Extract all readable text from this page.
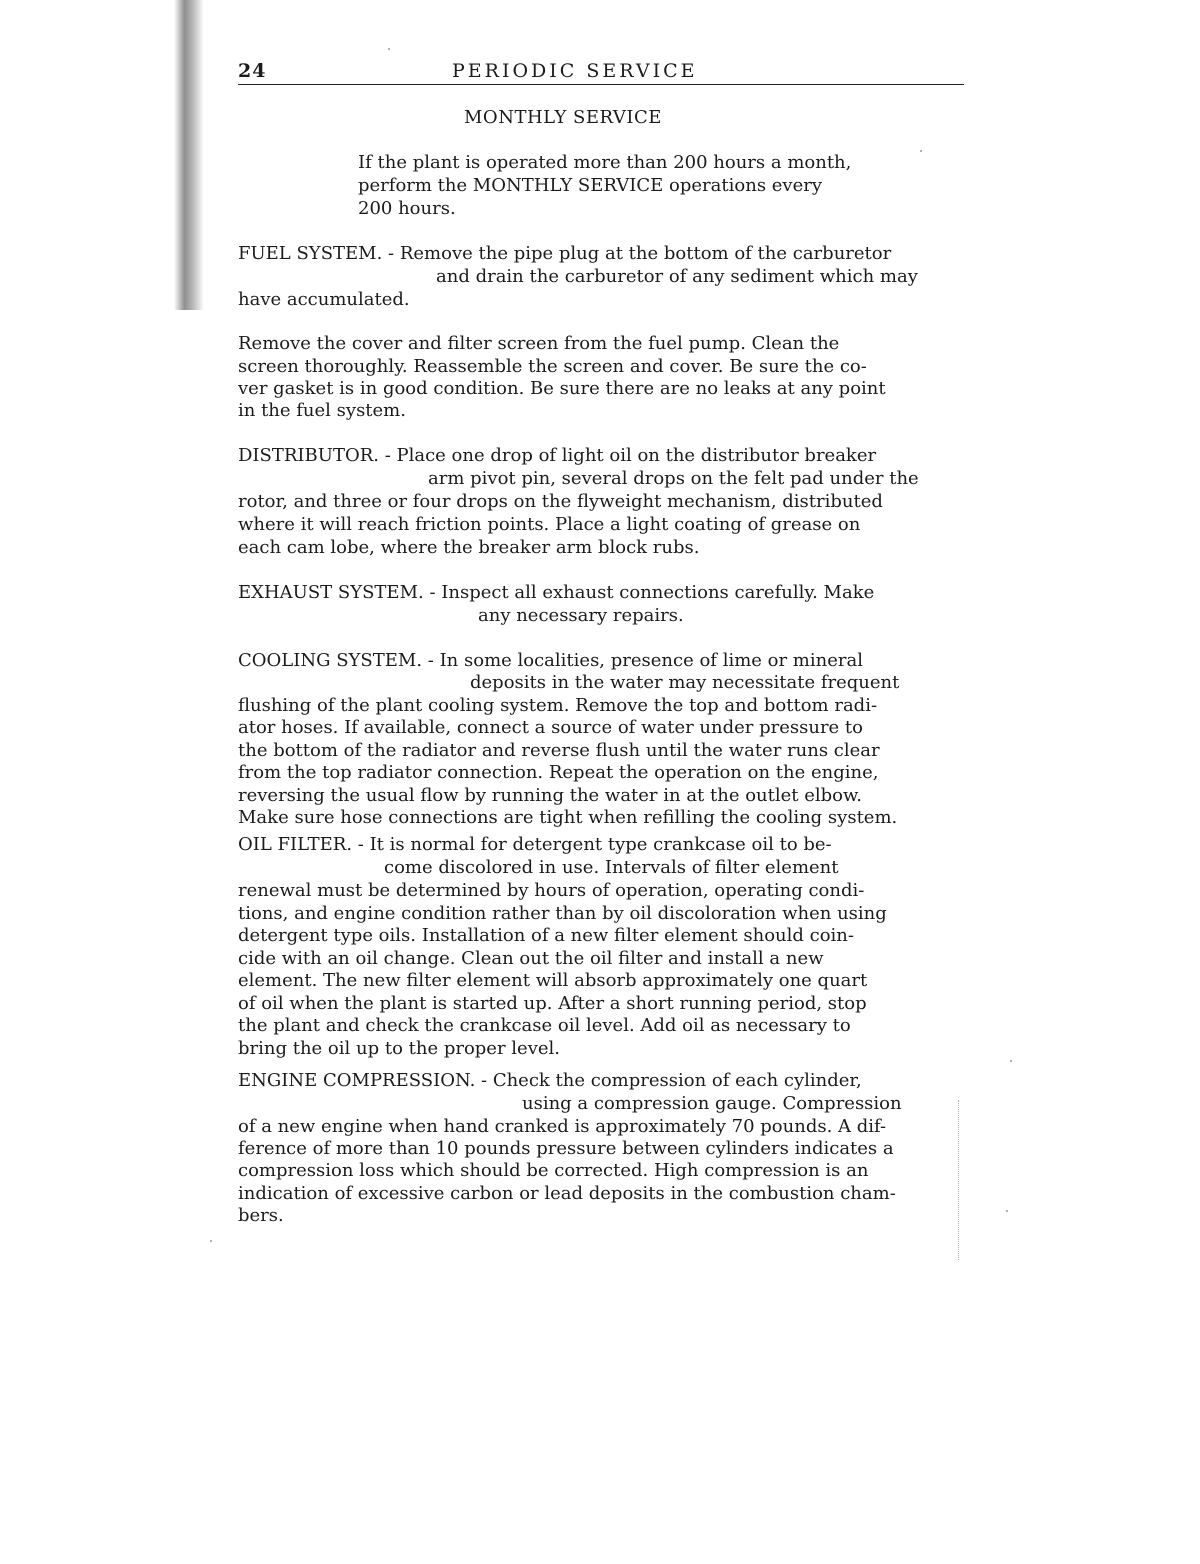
24	PERIODIC SERVICE
MONTHLY SERVICE
If the plant is operated more than 200 hours a month,
perform the MONTHLY SERVICE operations every
200 hours.
FUEL SYSTEM. - Remove the pipe plug at the bottom of the carburetor
and drain the carburetor of any sediment which may
have accumulated.
Remove the cover and filter screen from the fuel pump. Clean the
screen thoroughly. Reassemble the screen and cover. Be sure the co-
ver gasket is in good condition. Be sure there are no leaks at any point
in the fuel system.
DISTRIBUTOR. - Place one drop of light oil on the distributor breaker
arm pivot pin, several drops on the felt pad under the
rotor, and three or four drops on the flyweight mechanism, distributed
where it will reach friction points. Place a light coating of grease on
each cam lobe, where the breaker arm block rubs.
EXHAUST SYSTEM. - Inspect all exhaust connections carefully. Make
any necessary repairs.
COOLING SYSTEM. - In some localities, presence of lime or mineral
deposits in the water may necessitate frequent
flushing of the plant cooling system. Remove the top and bottom radi-
ator hoses. If available, connect a source of water under pressure to
the bottom of the radiator and reverse flush until the water runs clear
from the top radiator connection. Repeat the operation on the engine,
reversing the usual flow by running the water in at the outlet elbow.
Make sure hose connections are tight when refilling the cooling system.
OIL FILTER. - It is normal for detergent type crankcase oil to be-
come discolored in use. Intervals of filter element
renewal must be determined by hours of operation, operating condi-
tions, and engine condition rather than by oil discoloration when using
detergent type oils. Installation of a new filter element should coin-
cide with an oil change. Clean out the oil filter and install a new
element. The new filter element will absorb approximately one quart
of oil when the plant is started up. After a short running period, stop
the plant and check the crankcase oil level. Add oil as necessary to
bring the oil up to the proper level.
ENGINE COMPRESSION. - Check the compression of each cylinder,
using a compression gauge. Compression
of a new engine when hand cranked is approximately 70 pounds. A dif-
ference of more than 10 pounds pressure between cylinders indicates a
compression loss which should be corrected. High compression is an
indication of excessive carbon or lead deposits in the combustion cham-
bers.
